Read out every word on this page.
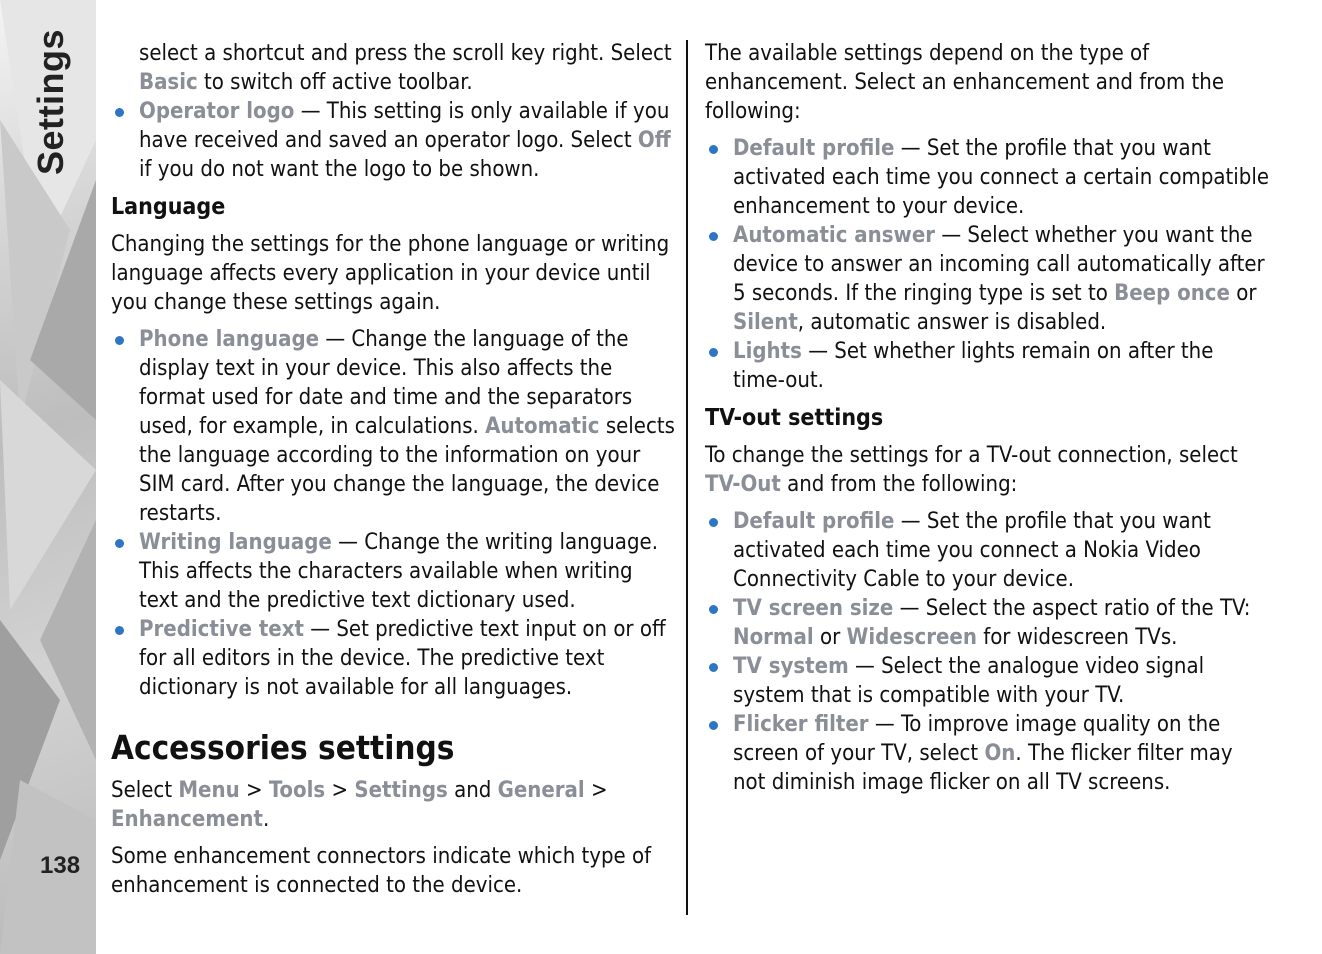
Settings
138
select a shortcut and press the scroll key right. Select Basic to switch off active toolbar.
Operator logo — This setting is only available if you have received and saved an operator logo. Select Off if you do not want the logo to be shown.
Language

Changing the settings for the phone language or writing language affects every application in your device until you change these settings again.

Phone language — Change the language of the display text in your device. This also affects the format used for date and time and the separators used, for example, in calculations. Automatic selects the language according to the information on your SIM card. After you change the language, the device restarts.
Writing language — Change the writing language. This affects the characters available when writing text and the predictive text dictionary used.
Predictive text — Set predictive text input on or off for all editors in the device. The predictive text dictionary is not available for all languages.
Accessories settings

Select Menu > Tools > Settings and General > Enhancement.

Some enhancement connectors indicate which type of enhancement is connected to the device.

The available settings depend on the type of enhancement. Select an enhancement and from the following:

Default profile — Set the profile that you want activated each time you connect a certain compatible enhancement to your device.
Automatic answer — Select whether you want the device to answer an incoming call automatically after 5 seconds. If the ringing type is set to Beep once or Silent, automatic answer is disabled.
Lights — Set whether lights remain on after the time-out.
TV-out settings

To change the settings for a TV-out connection, select TV-Out and from the following:

Default profile — Set the profile that you want activated each time you connect a Nokia Video Connectivity Cable to your device.
TV screen size — Select the aspect ratio of the TV: Normal or Widescreen for widescreen TVs.
TV system — Select the analogue video signal system that is compatible with your TV.
Flicker filter — To improve image quality on the screen of your TV, select On. The flicker filter may not diminish image flicker on all TV screens.
